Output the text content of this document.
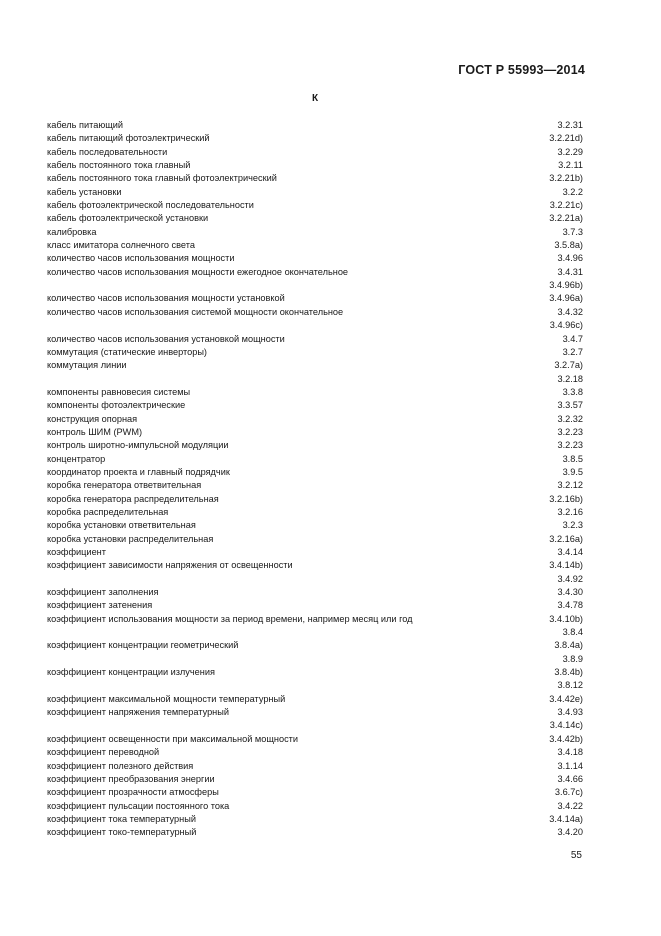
ГОСТ Р 55993—2014
К
кабель питающий	3.2.31
кабель питающий фотоэлектрический	3.2.21d)
кабель последовательности	3.2.29
кабель постоянного тока главный	3.2.11
кабель постоянного тока главный фотоэлектрический	3.2.21b)
кабель установки	3.2.2
кабель фотоэлектрической последовательности	3.2.21c)
кабель фотоэлектрической установки	3.2.21a)
калибровка	3.7.3
класс имитатора солнечного света	3.5.8a)
количество часов использования мощности	3.4.96
количество часов использования мощности ежегодное окончательное	3.4.31
3.4.96b)
количество часов использования мощности установкой	3.4.96a)
количество часов использования системой мощности окончательное	3.4.32
3.4.96c)
количество часов использования установкой мощности	3.4.7
коммутация (статические инверторы)	3.2.7
коммутация линии	3.2.7a)
3.2.18
компоненты равновесия системы	3.3.8
компоненты фотоэлектрические	3.3.57
конструкция опорная	3.2.32
контроль ШИМ (PWM)	3.2.23
контроль широтно-импульсной модуляции	3.2.23
концентратор	3.8.5
координатор проекта и главный подрядчик	3.9.5
коробка генератора ответвительная	3.2.12
коробка генератора распределительная	3.2.16b)
коробка распределительная	3.2.16
коробка установки ответвительная	3.2.3
коробка установки распределительная	3.2.16a)
коэффициент	3.4.14
коэффициент зависимости напряжения от освещенности	3.4.14b)
3.4.92
коэффициент заполнения	3.4.30
коэффициент затенения	3.4.78
коэффициент использования мощности за период времени, например месяц или год	3.4.10b)
3.8.4
коэффициент концентрации геометрический	3.8.4a)
3.8.9
коэффициент концентрации излучения	3.8.4b)
3.8.12
коэффициент максимальной мощности температурный	3.4.42e)
коэффициент напряжения температурный	3.4.93
3.4.14c)
коэффициент освещенности при максимальной мощности	3.4.42b)
коэффициент переводной	3.4.18
коэффициент полезного действия	3.1.14
коэффициент преобразования энергии	3.4.66
коэффициент прозрачности атмосферы	3.6.7c)
коэффициент пульсации постоянного тока	3.4.22
коэффициент тока температурный	3.4.14a)
коэффициент токо-температурный	3.4.20
55
